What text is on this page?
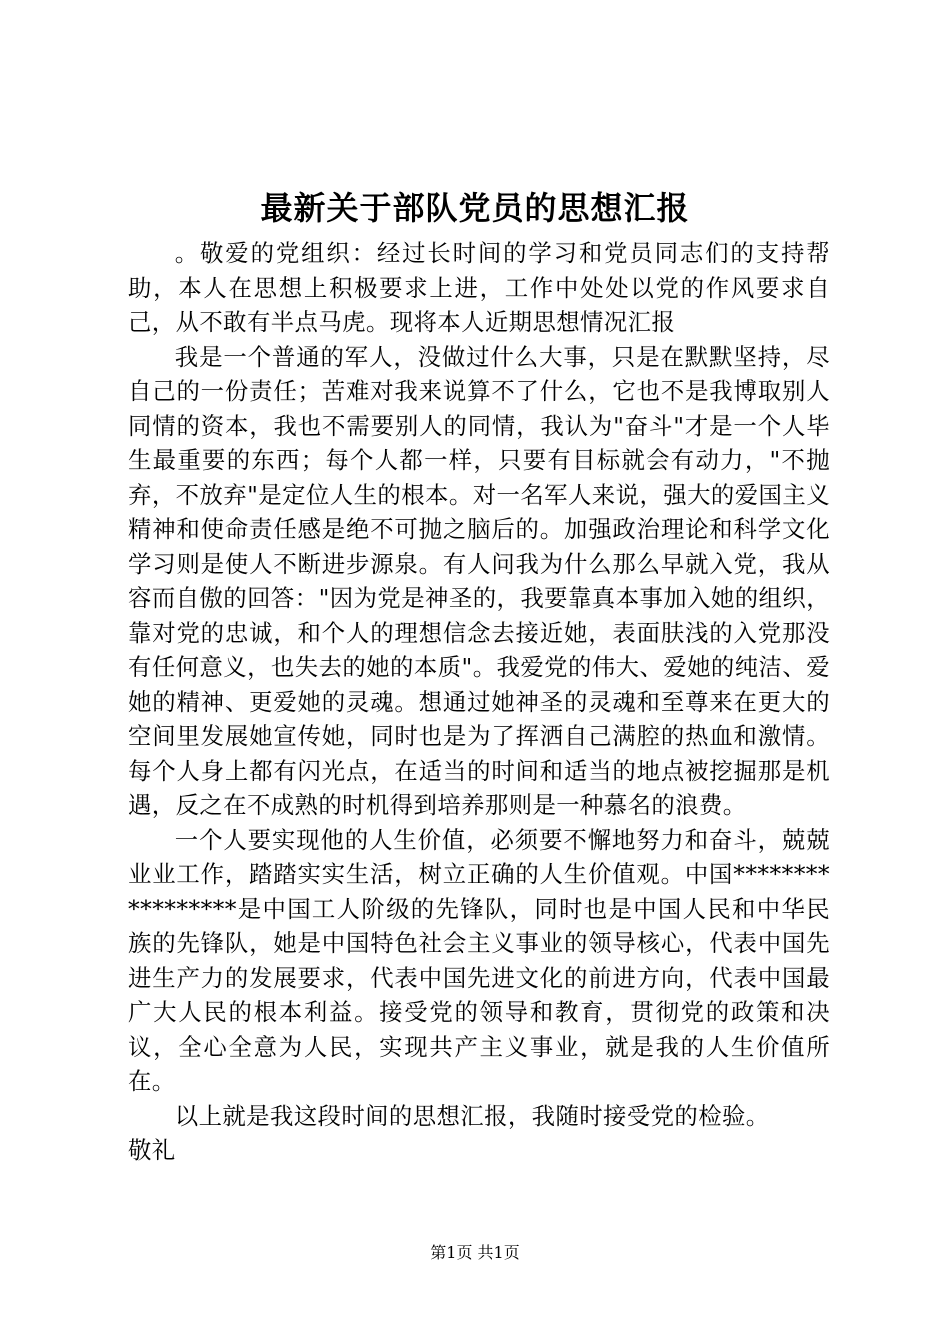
最新关于部队党员的思想汇报

。敬爱的党组织：经过长时间的学习和党员同志们的支持帮助，本人在思想上积极要求上进，工作中处处以党的作风要求自己，从不敢有半点马虎。现将本人近期思想情况汇报

我是一个普通的军人，没做过什么大事，只是在默默坚持，尽自己的一份责任；苦难对我来说算不了什么，它也不是我博取别人同情的资本，我也不需要别人的同情，我认为"奋斗"才是一个人毕生最重要的东西；每个人都一样，只要有目标就会有动力，"不抛弃，不放弃"是定位人生的根本。对一名军人来说，强大的爱国主义精神和使命责任感是绝不可抛之脑后的。加强政治理论和科学文化学习则是使人不断进步源泉。有人问我为什么那么早就入党，我从容而自傲的回答："因为党是神圣的，我要靠真本事加入她的组织，靠对党的忠诚，和个人的理想信念去接近她，表面肤浅的入党那没有任何意义，也失去的她的本质"。我爱党的伟大、爱她的纯洁、爱她的精神、更爱她的灵魂。想通过她神圣的灵魂和至尊来在更大的空间里发展她宣传她，同时也是为了挥洒自己满腔的热血和激情。每个人身上都有闪光点，在适当的时间和适当的地点被挖掘那是机遇，反之在不成熟的时机得到培养那则是一种慕名的浪费。

一个人要实现他的人生价值，必须要不懈地努力和奋斗，兢兢业业工作，踏踏实实生活，树立正确的人生价值观。中国*****************是中国工人阶级的先锋队，同时也是中国人民和中华民族的先锋队，她是中国特色社会主义事业的领导核心，代表中国先进生产力的发展要求，代表中国先进文化的前进方向，代表中国最广大人民的根本利益。接受党的领导和教育，贯彻党的政策和决议，全心全意为人民，实现共产主义事业，就是我的人生价值所在。

以上就是我这段时间的思想汇报，我随时接受党的检验。

敬礼

第1页 共1页
